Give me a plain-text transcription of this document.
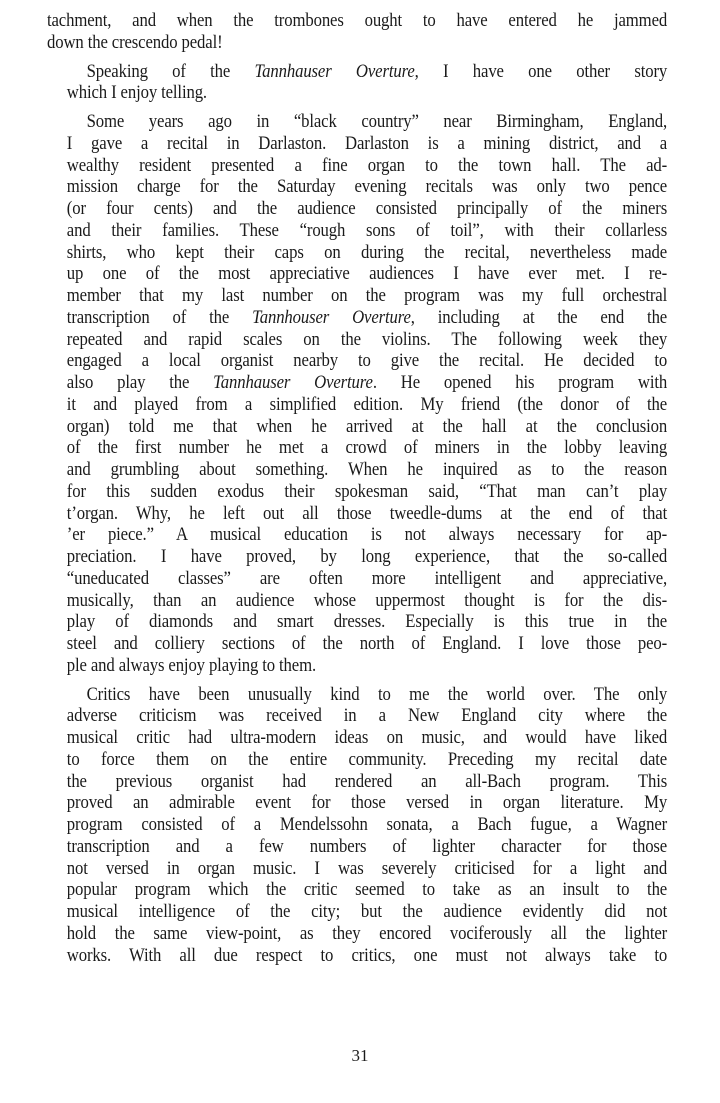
tachment, and when the trombones ought to have entered he jammed
down the crescendo pedal!
Speaking of the Tannhauser Overture, I have one other story
which I enjoy telling.
Some years ago in “black country” near Birmingham, England,
I gave a recital in Darlaston. Darlaston is a mining district, and a
wealthy resident presented a fine organ to the town hall. The ad-
mission charge for the Saturday evening recitals was only two pence
(or four cents) and the audience consisted principally of the miners
and their families. These “rough sons of toil”, with their collarless
shirts, who kept their caps on during the recital, nevertheless made
up one of the most appreciative audiences I have ever met. I re-
member that my last number on the program was my full orchestral
transcription of the Tannhouser Overture, including at the end the
repeated and rapid scales on the violins. The following week they
engaged a local organist nearby to give the recital. He decided to
also play the Tannhauser Overture. He opened his program with
it and played from a simplified edition. My friend (the donor of the
organ) told me that when he arrived at the hall at the conclusion
of the first number he met a crowd of miners in the lobby leaving
and grumbling about something. When he inquired as to the reason
for this sudden exodus their spokesman said, “That man can’t play
t’organ. Why, he left out all those tweedle-dums at the end of that
’er piece.” A musical education is not always necessary for ap-
preciation. I have proved, by long experience, that the so-called
“uneducated classes” are often more intelligent and appreciative,
musically, than an audience whose uppermost thought is for the dis-
play of diamonds and smart dresses. Especially is this true in the
steel and colliery sections of the north of England. I love those peo-
ple and always enjoy playing to them.
Critics have been unusually kind to me the world over. The only
adverse criticism was received in a New England city where the
musical critic had ultra-modern ideas on music, and would have liked
to force them on the entire community. Preceding my recital date
the previous organist had rendered an all-Bach program. This
proved an admirable event for those versed in organ literature. My
program consisted of a Mendelssohn sonata, a Bach fugue, a Wagner
transcription and a few numbers of lighter character for those
not versed in organ music. I was severely criticised for a light and
popular program which the critic seemed to take as an insult to the
musical intelligence of the city; but the audience evidently did not
hold the same view-point, as they encored vociferously all the lighter
works. With all due respect to critics, one must not always take to
31
